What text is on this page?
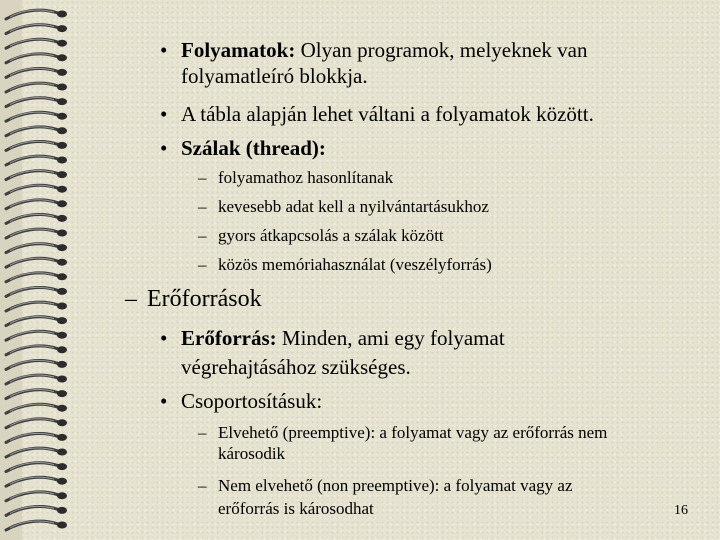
• Folyamatok: Olyan programok, melyeknek van
folyamatleíró blokkja.
• A tábla alapján lehet váltani a folyamatok között.
• Szálak (thread):
– folyamathoz hasonlítanak
– kevesebb adat kell a nyilvántartásukhoz
– gyors átkapcsolás a szálak között
– közös memóriahasználat (veszélyforrás)
– Erőforrások
• Erőforrás: Minden, ami egy folyamat
végrehajtásához szükséges.
• Csoportosításuk:
– Elvehető (preemptive): a folyamat vagy az erőforrás nem
károsodik
– Nem elvehető (non preemptive): a folyamat vagy az
erőforrás is károsodhat	16
